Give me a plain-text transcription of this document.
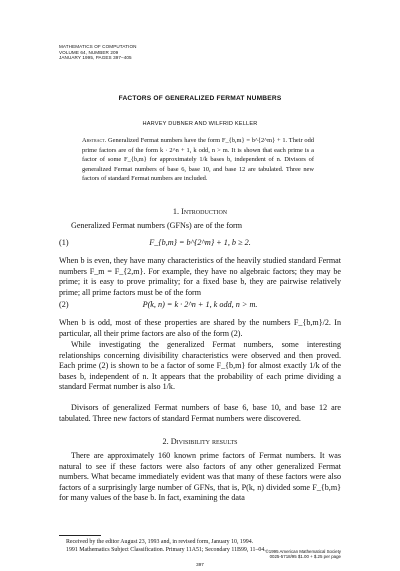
MATHEMATICS OF COMPUTATION
VOLUME 64, NUMBER 209
JANUARY 1995, PAGES 397–405
FACTORS OF GENERALIZED FERMAT NUMBERS
HARVEY DUBNER AND WILFRID KELLER
Abstract. Generalized Fermat numbers have the form F_{b,m} = b^{2^m} + 1. Their odd prime factors are of the form k · 2^n + 1, k odd, n > m. It is shown that each prime is a factor of some F_{b,m} for approximately 1/k bases b, independent of n. Divisors of generalized Fermat numbers of base 6, base 10, and base 12 are tabulated. Three new factors of standard Fermat numbers are included.
1. Introduction
Generalized Fermat numbers (GFNs) are of the form
(1)	F_{b,m} = b^{2^m} + 1, b ≥ 2.
When b is even, they have many characteristics of the heavily studied standard Fermat numbers F_m = F_{2,m}. For example, they have no algebraic factors; they may be prime; it is easy to prove primality; for a fixed base b, they are pairwise relatively prime; all prime factors must be of the form
(2)	P(k, n) = k · 2^n + 1, k odd, n > m.
When b is odd, most of these properties are shared by the numbers F_{b,m}/2. In particular, all their prime factors are also of the form (2).
While investigating the generalized Fermat numbers, some interesting relationships concerning divisibility characteristics were observed and then proved. Each prime (2) is shown to be a factor of some F_{b,m} for almost exactly 1/k of the bases b, independent of n. It appears that the probability of each prime dividing a standard Fermat number is also 1/k.
Divisors of generalized Fermat numbers of base 6, base 10, and base 12 are tabulated. Three new factors of standard Fermat numbers were discovered.
2. Divisibility results
There are approximately 160 known prime factors of Fermat numbers. It was natural to see if these factors were also factors of any other generalized Fermat numbers. What became immediately evident was that many of these factors were also factors of a surprisingly large number of GFNs, that is, P(k, n) divided some F_{b,m} for many values of the base b. In fact, examining the data
Received by the editor August 23, 1993 and, in revised form, January 10, 1994.
1991 Mathematics Subject Classification. Primary 11A51; Secondary 11B99, 11–04. ©1995 American Mathematical Society
0025-5718/95 $1.00 + $.25 per page
397
